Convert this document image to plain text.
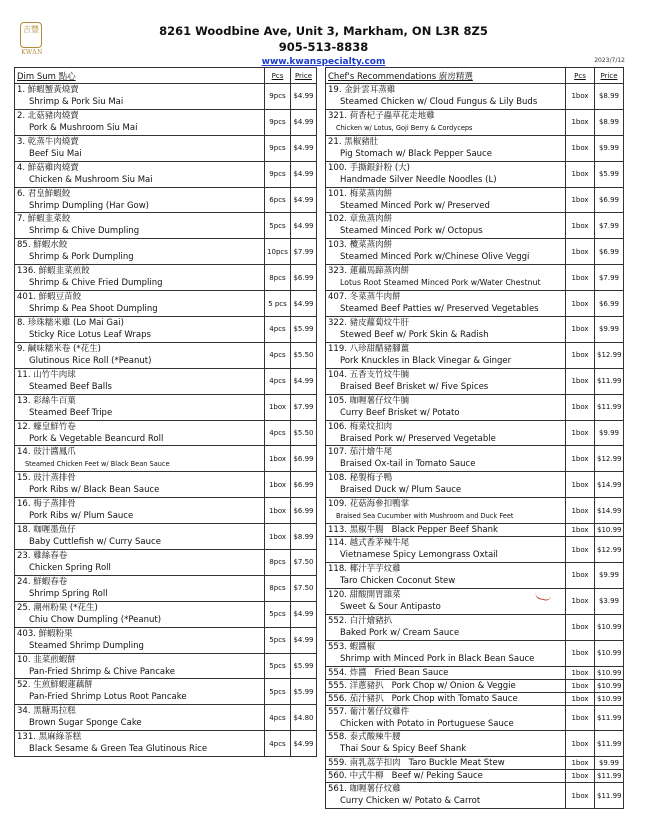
吉豐
KWAN
8261 Woodbine Ave, Unit 3, Markham, ON L3R 8Z5
905-513-8838
www.kwanspecialty.com	2023/7/12
Dim Sum 點心	Pcs	Price

1. 鮮蝦蟹黃燒賣
Shrimp & Pork Siu Mai	9pcs	$4.99

2. 北菇豬肉燒賣
Pork & Mushroom Siu Mai	9pcs	$4.99

3. 乾蒸牛肉燒賣
Beef Siu Mai	9pcs	$4.99

4. 鮮菇雞肉燒賣
Chicken & Mushroom Siu Mai	9pcs	$4.99

6. 君皇鮮蝦餃
Shrimp Dumpling (Har Gow)	6pcs	$4.99

7. 鮮蝦韭菜餃
Shrimp & Chive Dumpling	5pcs	$4.99

85. 鮮蝦水餃
Shrimp & Pork Dumpling	10pcs	$7.99

136. 鮮蝦韭菜煎餃
Shrimp & Chive Fried Dumpling	8pcs	$6.99

401. 鮮蝦豆苗餃
Shrimp & Pea Shoot Dumpling	5 pcs	$4.99

8. 珍珠糯米雞 (Lo Mai Gai)
Sticky Rice Lotus Leaf Wraps	4pcs	$5.99

9. 鹹味糯米卷 (*花生)
Glutinous Rice Roll (*Peanut)	4pcs	$5.50

11. 山竹牛肉球
Steamed Beef Balls	4pcs	$4.99

13. 彩絲牛百葉
Steamed Beef Tripe	1box	$7.99

12. 蠔皇鮮竹卷
Pork & Vegetable Beancurd Roll	4pcs	$5.50

14. 豉汁醬鳳爪
Steamed Chicken Feet w/ Black Bean Sauce	1box	$6.99

15. 豉汁蒸排骨
Pork Ribs w/ Black Bean Sauce	1box	$6.99

16. 梅子蒸排骨
Pork Ribs w/ Plum Sauce	1box	$6.99

18. 咖喱墨魚仔
Baby Cuttlefish w/ Curry Sauce	1box	$8.99

23. 雞絲春卷
Chicken Spring Roll	8pcs	$7.50

24. 鮮蝦春卷
Shrimp Spring Roll	8pcs	$7.50

25. 潮州粉果 (*花生)
Chiu Chow Dumpling (*Peanut)	5pcs	$4.99

403. 鮮蝦粉果
Steamed Shrimp Dumpling	5pcs	$4.99

10. 韭菜煎蝦餅
Pan-Fried Shrimp & Chive Pancake	5pcs	$5.99

52. 生煎鮮蝦蓮藕餅
Pan-Fried Shrimp Lotus Root Pancake	5pcs	$5.99

34. 黑糖馬拉糕
Brown Sugar Sponge Cake	4pcs	$4.80

131. 黑麻綠茶糕
Black Sesame & Green Tea Glutinous Rice	4pcs	$4.99
Chef's Recommendations 廚房精選	Pcs	Price

19. 金針雲耳蒸雞
Steamed Chicken w/ Cloud Fungus & Lily Buds	1box	$8.99

321. 荷香杞子蟲草花走地雞
Chicken w/ Lotus, Goji Berry & Cordyceps	1box	$8.99

21. 黑椒豬肚
Pig Stomach w/ Black Pepper Sauce	1box	$9.99

100. 手撕銀針粉 (大)
Handmade Silver Needle Noodles (L)	1box	$5.99

101. 梅菜蒸肉餅
Steamed Minced Pork w/ Preserved	1box	$6.99

102. 章魚蒸肉餅
Steamed Minced Pork w/ Octopus	1box	$7.99

103. 欖菜蒸肉餅
Steamed Minced Pork w/Chinese Olive Veggi	1box	$6.99

323. 蓮藕馬蹄蒸肉餅
Lotus Root Steamed Minced Pork w/Water Chestnut	1box	$7.99

407. 冬菜蒸牛肉餅
Steamed Beef Patties w/ Preserved Vegetables	1box	$6.99

322. 豬皮蘿蔔炆牛肝
Stewed Beef w/ Pork Skin & Radish	1box	$9.99

119. 八珍甜醋豬腳薑
Pork Knuckles in Black Vinegar & Ginger	1box	$12.99

104. 五香支竹炆牛腩
Braised Beef Brisket w/ Five Spices	1box	$11.99

105. 咖喱薯仔炆牛腩
Curry Beef Brisket w/ Potato	1box	$11.99

106. 梅菜炆扣肉
Braised Pork w/ Preserved Vegetable	1box	$9.99

107. 茄汁燴牛尾
Braised Ox-tail in Tomato Sauce	1box	$12.99

108. 秘製梅子鴨
Braised Duck w/ Plum Sauce	1box	$14.99

109. 花菇海參扣鴨掌
Braised Sea Cucumber with Mushroom and Duck Feet	1box	$14.99
113. 黑椒牛腸 Black Pepper Beef Shank	1box	$10.99

114. 越式香茅辣牛尾
Vietnamese Spicy Lemongrass Oxtail	1box	$12.99

118. 椰汁芋芋炆雞
Taro Chicken Coconut Stew	1box	$9.99

120. 甜酸開胃雜菜
Sweet & Sour Antipasto	1box	$3.99

552. 白汁燴豬扒
Baked Pork w/ Cream Sauce	1box	$10.99

553. 蝦醬椒
Shrimp with Minced Pork in Black Bean Sauce	1box	$10.99
554. 炸醬 Fried Bean Sauce	1box	$10.99
555. 洋蔥豬扒 Pork Chop w/ Onion & Veggie	1box	$10.99
556. 茄汁豬扒 Pork Chop with Tomato Sauce	1box	$10.99

557. 葡汁薯仔炆雞件
Chicken with Potato in Portuguese Sauce	1box	$11.99

558. 泰式酸辣牛腰
Thai Sour & Spicy Beef Shank	1box	$11.99
559. 南乳荔芋扣肉 Taro Buckle Meat Stew	1box	$9.99
560. 中式牛柳 Beef w/ Peking Sauce	1box	$11.99

561. 咖喱薯仔炆雞
Curry Chicken w/ Potato & Carrot	1box	$11.99
